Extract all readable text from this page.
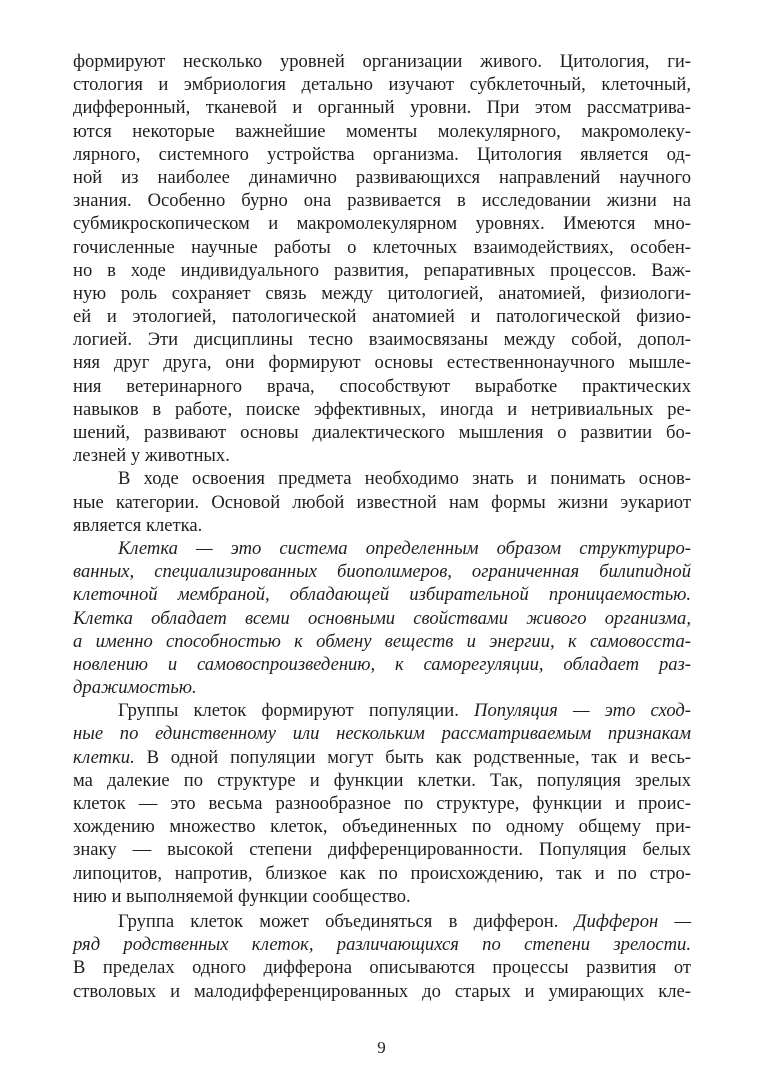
формируют несколько уровней организации живого. Цитология, ги-
стология и эмбриология детально изучают субклеточный, клеточный,
дифферонный, тканевой и органный уровни. При этом рассматрива-
ются некоторые важнейшие моменты молекулярного, макромолеку-
лярного, системного устройства организма. Цитология является од-
ной из наиболее динамично развивающихся направлений научного
знания. Особенно бурно она развивается в исследовании жизни на
субмикроскопическом и макромолекулярном уровнях. Имеются мно-
гочисленные научные работы о клеточных взаимодействиях, особен-
но в ходе индивидуального развития, репаративных процессов. Важ-
ную роль сохраняет связь между цитологией, анатомией, физиологи-
ей и этологией, патологической анатомией и патологической физио-
логией. Эти дисциплины тесно взаимосвязаны между собой, допол-
няя друг друга, они формируют основы естественнонаучного мышле-
ния ветеринарного врача, способствуют выработке практических
навыков в работе, поиске эффективных, иногда и нетривиальных ре-
шений, развивают основы диалектического мышления о развитии бо-
лезней у животных.
В ходе освоения предмета необходимо знать и понимать основ-
ные категории. Основой любой известной нам формы жизни эукариот
является клетка.
Клетка — это система определенным образом структуриро-
ванных, специализированных биополимеров, ограниченная билипидной
клеточной мембраной, обладающей избирательной проницаемостью.
Клетка обладает всеми основными свойствами живого организма,
а именно способностью к обмену веществ и энергии, к самовосста-
новлению и самовоспроизведению, к саморегуляции, обладает раз-
дражимостью.
Группы клеток формируют популяции. Популяция — это сход-
ные по единственному или нескольким рассматриваемым признакам
клетки. В одной популяции могут быть как родственные, так и весь-
ма далекие по структуре и функции клетки. Так, популяция зрелых
клеток — это весьма разнообразное по структуре, функции и проис-
хождению множество клеток, объединенных по одному общему при-
знаку — высокой степени дифференцированности. Популяция белых
липоцитов, напротив, близкое как по происхождению, так и по стро-
нию и выполняемой функции сообщество.
Группа клеток может объединяться в дифферон. Дифферон —
ряд родственных клеток, различающихся по степени зрелости.
В пределах одного дифферона описываются процессы развития от
стволовых и малодифференцированных до старых и умирающих кле-
9
